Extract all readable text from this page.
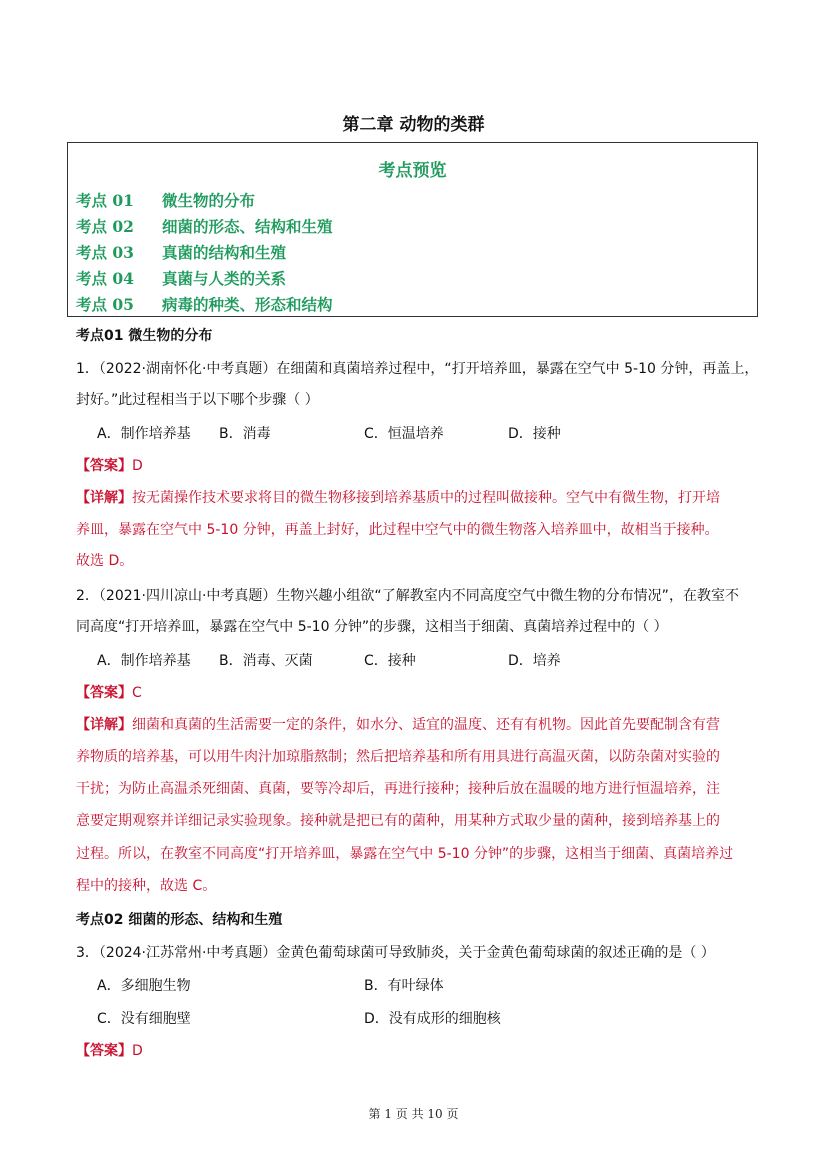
第二章 动物的类群
考点预览
考点 01 微生物的分布
考点 02 细菌的形态、结构和生殖
考点 03 真菌的结构和生殖
考点 04 真菌与人类的关系
考点 05 病毒的种类、形态和结构
考点01 微生物的分布
1．（2022·湖南怀化·中考真题）在细菌和真菌培养过程中，“打开培养皿，暴露在空气中 5-10 分钟，再盖上，
封好。”此过程相当于以下哪个步骤（ ）
A．制作培养基 B．消毒	C．恒温培养	D．接种
【答案】D
【详解】按无菌操作技术要求将目的微生物移接到培养基质中的过程叫做接种。空气中有微生物，打开培
养皿，暴露在空气中 5-10 分钟，再盖上封好，此过程中空气中的微生物落入培养皿中，故相当于接种。
故选 D。
2．（2021·四川凉山·中考真题）生物兴趣小组欲“了解教室内不同高度空气中微生物的分布情况”，在教室不
同高度“打开培养皿，暴露在空气中 5-10 分钟”的步骤，这相当于细菌、真菌培养过程中的（ ）
A．制作培养基 B．消毒、灭菌	C．接种	D．培养
【答案】C
【详解】细菌和真菌的生活需要一定的条件，如水分、适宜的温度、还有有机物。因此首先要配制含有营
养物质的培养基，可以用牛肉汁加琼脂熬制；然后把培养基和所有用具进行高温灭菌，以防杂菌对实验的
干扰；为防止高温杀死细菌、真菌，要等冷却后，再进行接种；接种后放在温暖的地方进行恒温培养，注
意要定期观察并详细记录实验现象。接种就是把已有的菌种，用某种方式取少量的菌种，接到培养基上的
过程。所以，在教室不同高度“打开培养皿，暴露在空气中 5-10 分钟”的步骤，这相当于细菌、真菌培养过
程中的接种，故选 C。
考点02 细菌的形态、结构和生殖
3．（2024·江苏常州·中考真题）金黄色葡萄球菌可导致肺炎，关于金黄色葡萄球菌的叙述正确的是（ ）
A．多细胞生物	B．有叶绿体
C．没有细胞壁	D．没有成形的细胞核
【答案】D
第 1 页 共 10 页
